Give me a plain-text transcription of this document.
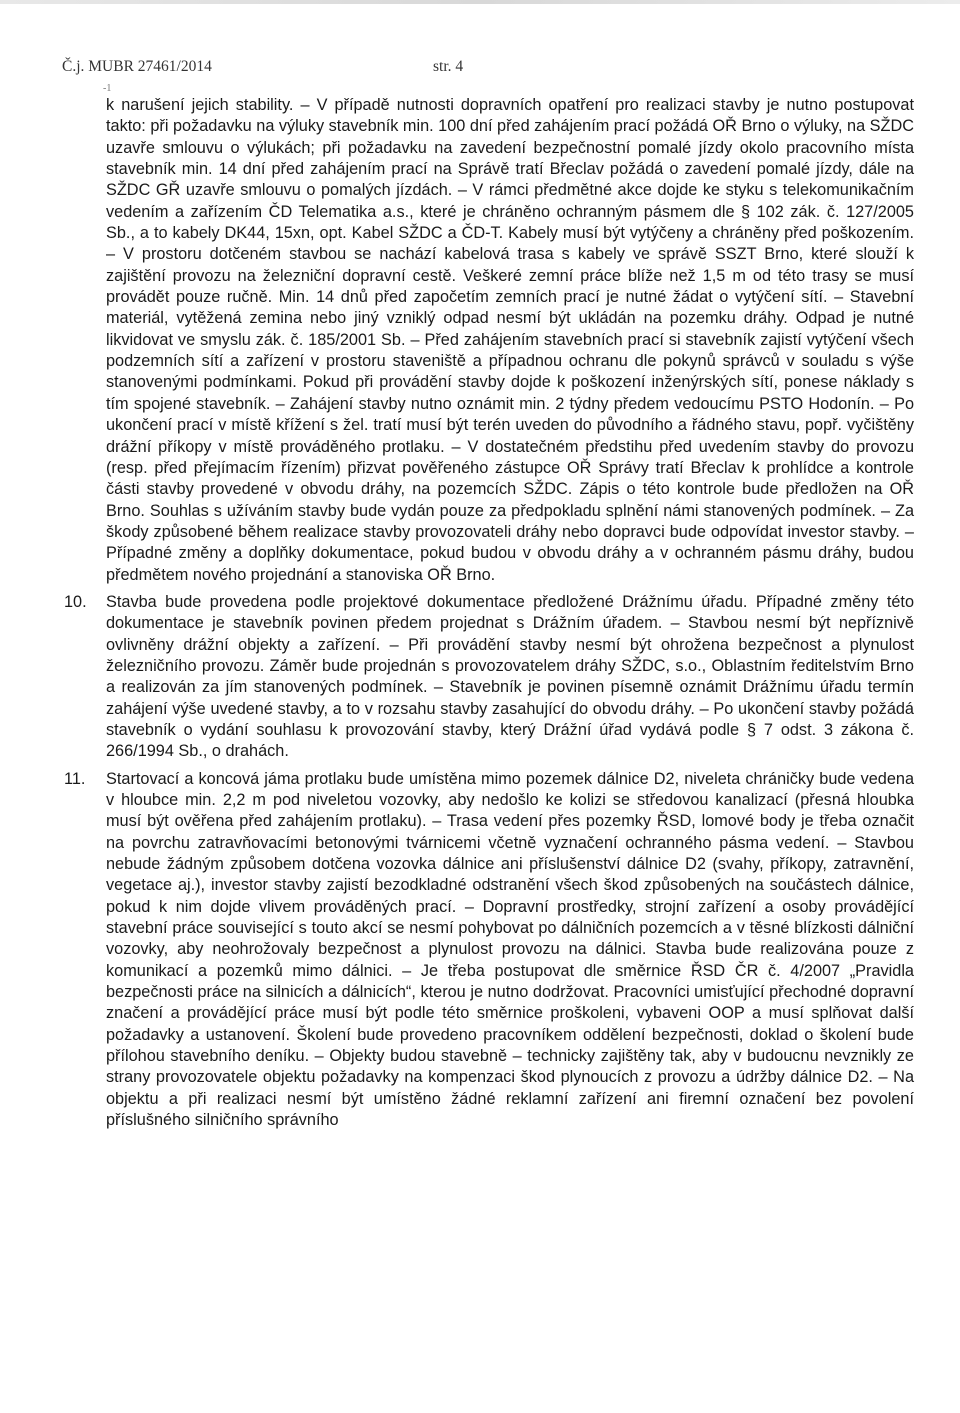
Č.j. MUBR 27461/2014	str. 4
-1

k narušení jejich stability. – V případě nutnosti dopravních opatření pro realizaci stavby je nutno postupovat takto: při požadavku na výluky stavebník min. 100 dní před zahájením prací požádá OŘ Brno o výluky, na SŽDC uzavře smlouvu o výlukách; při požadavku na zavedení bezpečnostní pomalé jízdy okolo pracovního místa stavebník min. 14 dní před zahájením prací na Správě tratí Břeclav požádá o zavedení pomalé jízdy, dále na SŽDC GŘ uzavře smlouvu o pomalých jízdách. – V rámci předmětné akce dojde ke styku s telekomunikačním vedením a zařízením ČD Telematika a.s., které je chráněno ochranným pásmem dle § 102 zák. č. 127/2005 Sb., a to kabely DK44, 15xn, opt. Kabel SŽDC a ČD-T. Kabely musí být vytýčeny a chráněny před poškozením. – V prostoru dotčeném stavbou se nachází kabelová trasa s kabely ve správě SSZT Brno, které slouží k zajištění provozu na železniční dopravní cestě. Veškeré zemní práce blíže než 1,5 m od této trasy se musí provádět pouze ručně. Min. 14 dnů před započetím zemních prací je nutné žádat o vytýčení sítí. – Stavební materiál, vytěžená zemina nebo jiný vzniklý odpad nesmí být ukládán na pozemku dráhy. Odpad je nutné likvidovat ve smyslu zák. č. 185/2001 Sb. – Před zahájením stavebních prací si stavebník zajistí vytýčení všech podzemních sítí a zařízení v prostoru staveniště a případnou ochranu dle pokynů správců v souladu s výše stanovenými podmínkami. Pokud při provádění stavby dojde k poškození inženýrských sítí, ponese náklady s tím spojené stavebník. – Zahájení stavby nutno oznámit min. 2 týdny předem vedoucímu PSTO Hodonín. – Po ukončení prací v místě křížení s žel. tratí musí být terén uveden do původního a řádného stavu, popř. vyčištěny drážní příkopy v místě prováděného protlaku. – V dostatečném předstihu před uvedením stavby do provozu (resp. před přejímacím řízením) přizvat pověřeného zástupce OŘ Správy tratí Břeclav k prohlídce a kontrole části stavby provedené v obvodu dráhy, na pozemcích SŽDC. Zápis o této kontrole bude předložen na OŘ Brno. Souhlas s užíváním stavby bude vydán pouze za předpokladu splnění námi stanovených podmínek. – Za škody způsobené během realizace stavby provozovateli dráhy nebo dopravci bude odpovídat investor stavby. – Případné změny a doplňky dokumentace, pokud budou v obvodu dráhy a v ochranném pásmu dráhy, budou předmětem nového projednání a stanoviska OŘ Brno.

10.	Stavba bude provedena podle projektové dokumentace předložené Drážnímu úřadu. Případné změny této dokumentace je stavebník povinen předem projednat s Drážním úřadem. – Stavbou nesmí být nepříznivě ovlivněny drážní objekty a zařízení. – Při provádění stavby nesmí být ohrožena bezpečnost a plynulost železničního provozu. Záměr bude projednán s provozovatelem dráhy SŽDC, s.o., Oblastním ředitelstvím Brno a realizován za jím stanovených podmínek. – Stavebník je povinen písemně oznámit Drážnímu úřadu termín zahájení výše uvedené stavby, a to v rozsahu stavby zasahující do obvodu dráhy. – Po ukončení stavby požádá stavebník o vydání souhlasu k provozování stavby, který Drážní úřad vydává podle § 7 odst. 3 zákona č. 266/1994 Sb., o drahách.

11.	Startovací a koncová jáma protlaku bude umístěna mimo pozemek dálnice D2, niveleta chráničky bude vedena v hloubce min. 2,2 m pod niveletou vozovky, aby nedošlo ke kolizi se středovou kanalizací (přesná hloubka musí být ověřena před zahájením protlaku). – Trasa vedení přes pozemky ŘSD, lomové body je třeba označit na povrchu zatravňovacími betonovými tvárnicemi včetně vyznačení ochranného pásma vedení. – Stavbou nebude žádným způsobem dotčena vozovka dálnice ani příslušenství dálnice D2 (svahy, příkopy, zatravnění, vegetace aj.), investor stavby zajistí bezodkladné odstranění všech škod způsobených na součástech dálnice, pokud k nim dojde vlivem prováděných prací. – Dopravní prostředky, strojní zařízení a osoby provádějící stavební práce související s touto akcí se nesmí pohybovat po dálničních pozemcích a v těsné blízkosti dálniční vozovky, aby neohrožovaly bezpečnost a plynulost provozu na dálnici. Stavba bude realizována pouze z komunikací a pozemků mimo dálnici. – Je třeba postupovat dle směrnice ŘSD ČR č. 4/2007 „Pravidla bezpečnosti práce na silnicích a dálnicích“, kterou je nutno dodržovat. Pracovníci umisťující přechodné dopravní značení a provádějící práce musí být podle této směrnice proškoleni, vybaveni OOP a musí splňovat další požadavky a ustanovení. Školení bude provedeno pracovníkem oddělení bezpečnosti, doklad o školení bude přílohou stavebního deníku. – Objekty budou stavebně – technicky zajištěny tak, aby v budoucnu nevznikly ze strany provozovatele objektu požadavky na kompenzaci škod plynoucích z provozu a údržby dálnice D2. – Na objektu a při realizaci nesmí být umístěno žádné reklamní zařízení ani firemní označení bez povolení příslušného silničního správního
